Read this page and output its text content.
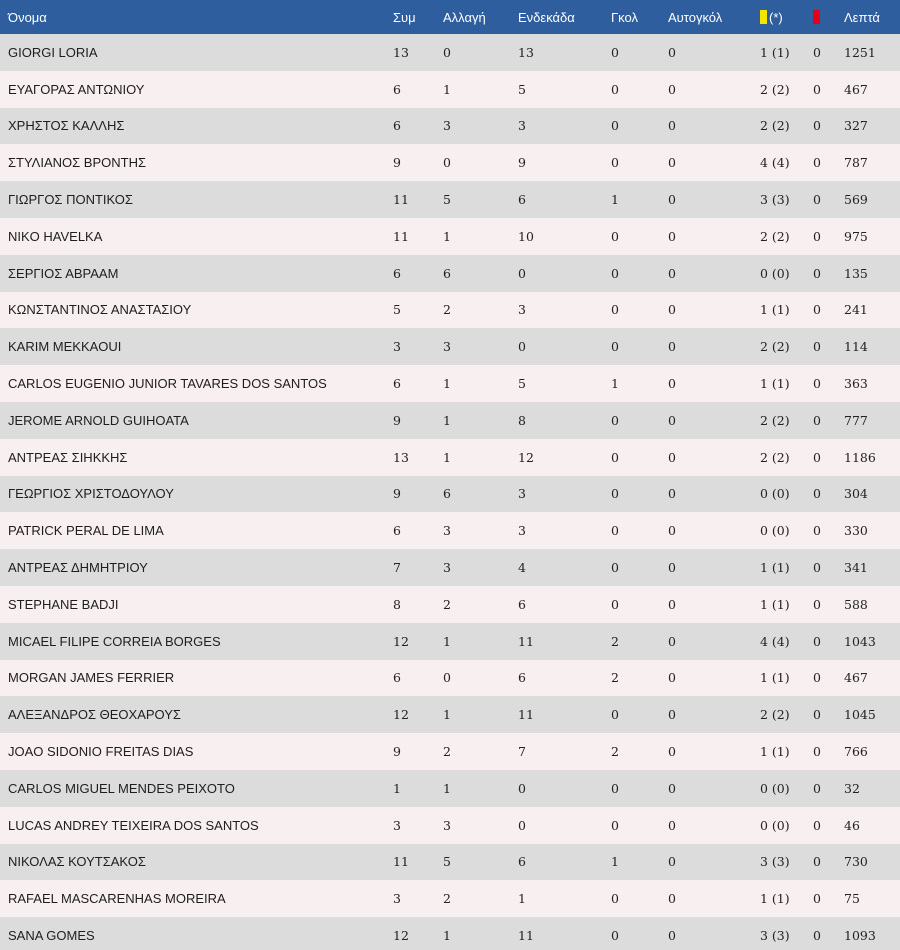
Όνομα	Συμ	Αλλαγή	Ενδεκάδα	Γκολ	Αυτογκόλ	(*)		Λεπτά
GIORGI LORIA	13	0	13	0	0	1 (1)	0	1251
ΕΥΑΓΟΡΑΣ ΑΝΤΩΝΙΟΥ	6	1	5	0	0	2 (2)	0	467
ΧΡΗΣΤΟΣ ΚΑΛΛΗΣ	6	3	3	0	0	2 (2)	0	327
ΣΤΥΛΙΑΝΟΣ ΒΡΟΝΤΗΣ	9	0	9	0	0	4 (4)	0	787
ΓΙΩΡΓΟΣ ΠΟΝΤΙΚΟΣ	11	5	6	1	0	3 (3)	0	569
NIKO HAVELKA	11	1	10	0	0	2 (2)	0	975
ΣΕΡΓΙΟΣ ΑΒΡΑΑΜ	6	6	0	0	0	0 (0)	0	135
ΚΩΝΣΤΑΝΤΙΝΟΣ ΑΝΑΣΤΑΣΙΟΥ	5	2	3	0	0	1 (1)	0	241
KARIM MEKKAOUI	3	3	0	0	0	2 (2)	0	114
CARLOS EUGENIO JUNIOR TAVARES DOS SANTOS	6	1	5	1	0	1 (1)	0	363
JEROME ARNOLD GUIHOATA	9	1	8	0	0	2 (2)	0	777
ΑΝΤΡΕΑΣ ΣΙΗΚΚΗΣ	13	1	12	0	0	2 (2)	0	1186
ΓΕΩΡΓΙΟΣ ΧΡΙΣΤΟΔΟΥΛΟΥ	9	6	3	0	0	0 (0)	0	304
PATRICK PERAL DE LIMA	6	3	3	0	0	0 (0)	0	330
ΑΝΤΡΕΑΣ ΔΗΜΗΤΡΙΟΥ	7	3	4	0	0	1 (1)	0	341
STEPHANE BADJI	8	2	6	0	0	1 (1)	0	588
MICAEL FILIPE CORREIA BORGES	12	1	11	2	0	4 (4)	0	1043
MORGAN JAMES FERRIER	6	0	6	2	0	1 (1)	0	467
ΑΛΕΞΑΝΔΡΟΣ ΘΕΟΧΑΡΟΥΣ	12	1	11	0	0	2 (2)	0	1045
JOAO SIDONIO FREITAS DIAS	9	2	7	2	0	1 (1)	0	766
CARLOS MIGUEL MENDES PEIXOTO	1	1	0	0	0	0 (0)	0	32
LUCAS ANDREY TEIXEIRA DOS SANTOS	3	3	0	0	0	0 (0)	0	46
ΝΙΚΟΛΑΣ ΚΟΥΤΣΑΚΟΣ	11	5	6	1	0	3 (3)	0	730
RAFAEL MASCARENHAS MOREIRA	3	2	1	0	0	1 (1)	0	75
SANA GOMES	12	1	11	0	0	3 (3)	0	1093
